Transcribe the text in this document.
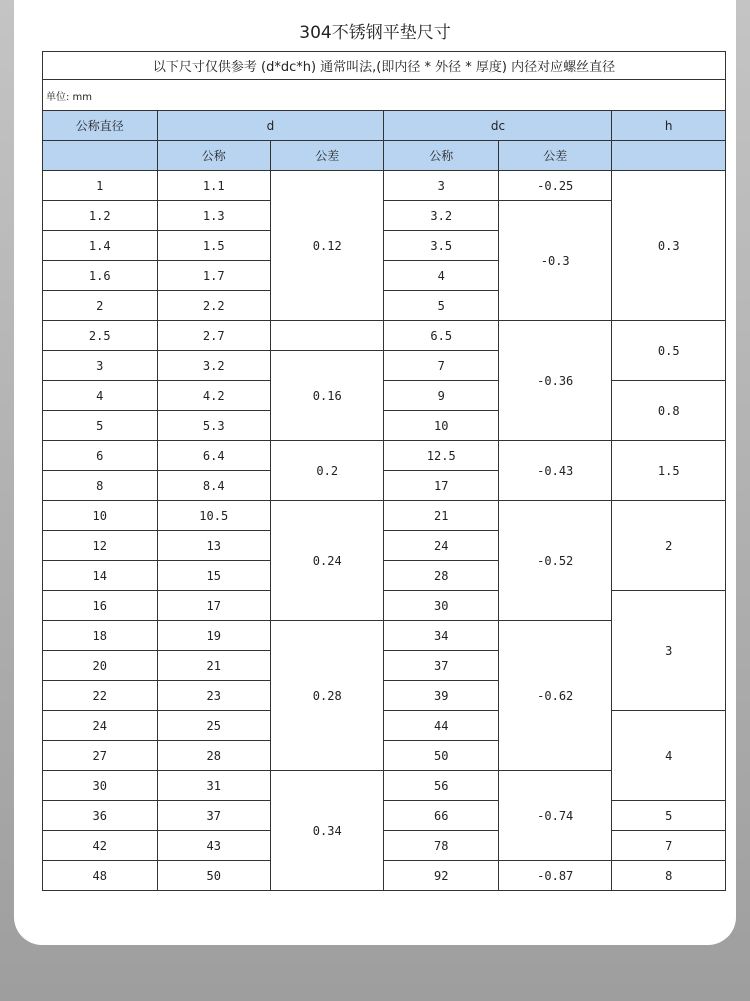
304不锈钢平垫尺寸
以下尺寸仅供参考 (d*dc*h) 通常叫法,(即内径 * 外径 * 厚度) 内径对应螺丝直径					
单位: mm					
公称直径	d		dc		h
	公称	公差	公称	公差	
1	1.1	0.12	3	-0.25	0.3
1.2	1.3		3.2	-0.3	
1.4	1.5		3.5		
1.6	1.7		4		
2	2.2		5		
2.5	2.7		6.5	-0.36	0.5
3	3.2	0.16	7		
4	4.2		9		0.8
5	5.3		10		
6	6.4	0.2	12.5	-0.43	1.5
8	8.4		17		
10	10.5	0.24	21	-0.52	2
12	13		24		
14	15		28		
16	17		30		3
18	19	0.28	34	-0.62	
20	21		37		
22	23		39		
24	25		44		4
27	28		50		
30	31	0.34	56	-0.74	
36	37		66		5
42	43		78		7
48	50		92	-0.87	8
